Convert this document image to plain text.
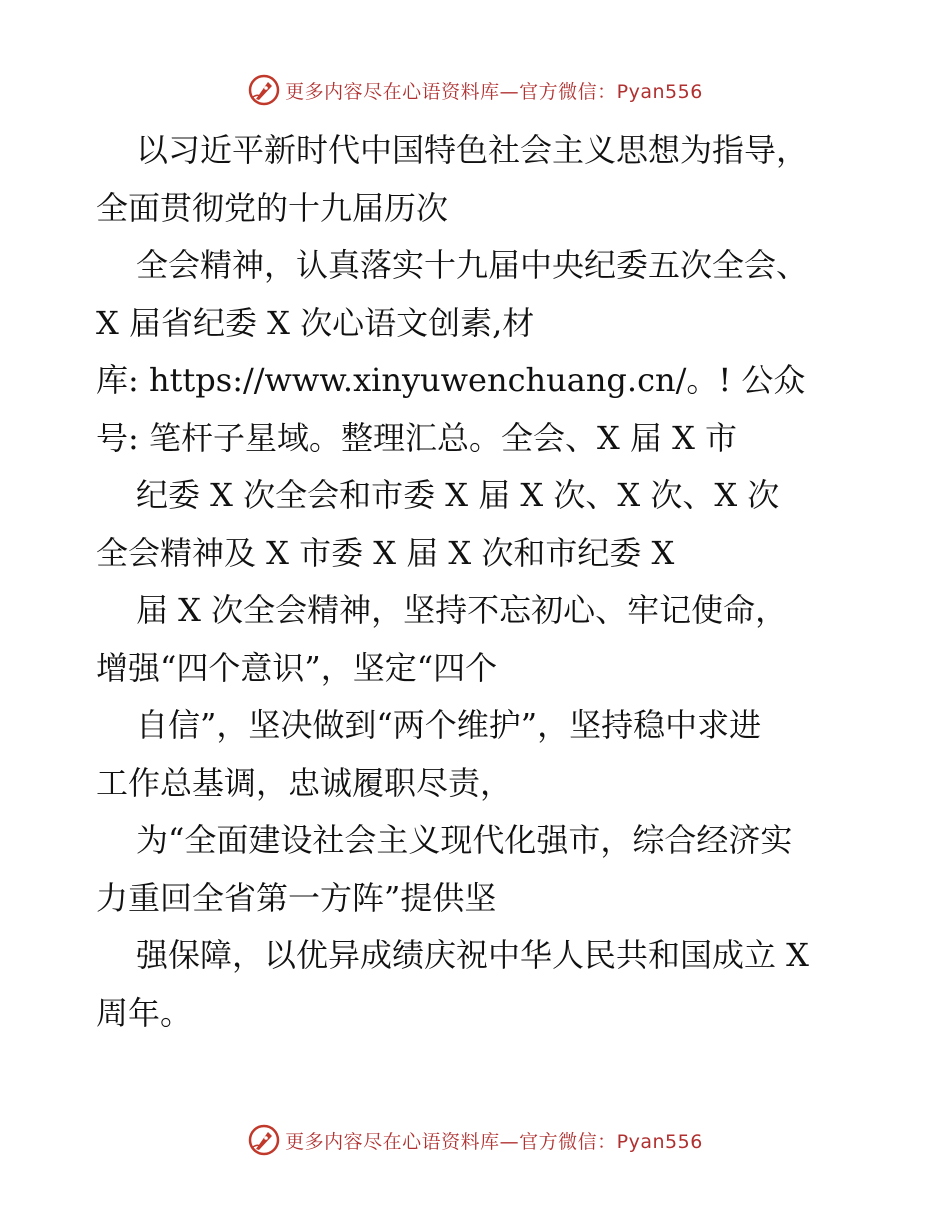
更多内容尽在心语资料库—官方微信：Pyan556
以习近平新时代中国特色社会主义思想为指导，
全面贯彻党的十九届历次
全会精神，认真落实十九届中央纪委五次全会、
X 届省纪委 X 次心语文创素,材
库: https://www.xinyuwenchuang.cn/。! 公众
号: 笔杆子星域。整理汇总。全会、X 届 X 市
纪委 X 次全会和市委 X 届 X 次、X 次、X 次
全会精神及 X 市委 X 届 X 次和市纪委 X
届 X 次全会精神，坚持不忘初心、牢记使命，
增强“四个意识”，坚定“四个
自信”，坚决做到“两个维护”，坚持稳中求进
工作总基调，忠诚履职尽责，
为“全面建设社会主义现代化强市，综合经济实
力重回全省第一方阵”提供坚
强保障，以优异成绩庆祝中华人民共和国成立 X
周年。
更多内容尽在心语资料库—官方微信：Pyan556
